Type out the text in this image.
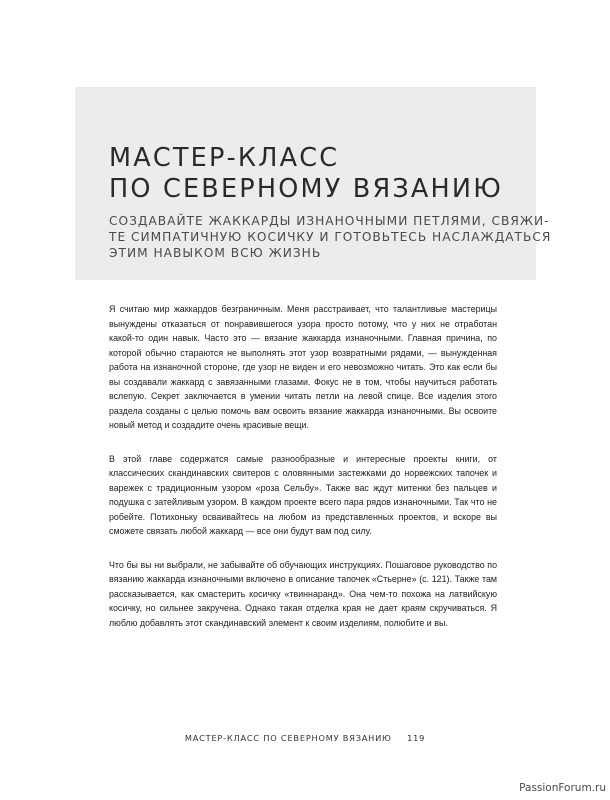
МАСТЕР-КЛАСС
ПО СЕВЕРНОМУ ВЯЗАНИЮ
СОЗДАВАЙТЕ ЖАККАРДЫ ИЗНАНОЧНЫМИ ПЕТЛЯМИ, СВЯЖИ-
ТЕ СИМПАТИЧНУЮ КОСИЧКУ И ГОТОВЬТЕСЬ НАСЛАЖДАТЬСЯ
ЭТИМ НАВЫКОМ ВСЮ ЖИЗНЬ

Я считаю мир жаккардов безграничным. Меня расстраивает, что талантливые мастерицы вынуждены отказаться от понравившегося узора просто потому, что у них не отработан какой-то один навык. Часто это — вязание жаккарда изнаночными. Главная причина, по которой обычно стараются не выполнять этот узор возвратными рядами, — вынужденная работа на изнаночной стороне, где узор не виден и его невозможно читать. Это как если бы вы создавали жаккард с завязанными глазами. Фокус не в том, чтобы научиться работать вслепую. Секрет заключается в умении читать петли на левой спице. Все изделия этого раздела созданы с целью помочь вам освоить вязание жаккарда изнаночными. Вы освоите новый метод и создадите очень красивые вещи.

В этой главе содержатся самые разнообразные и интересные проекты книги, от классических скандинавских свитеров с оловянными застежками до норвежских тапочек и варежек с традиционным узором «роза Сельбу». Также вас ждут митенки без пальцев и подушка с затейливым узором. В каждом проекте всего пара рядов изнаночными. Так что не робейте. Потихоньку осваивайтесь на любом из представленных проектов, и вскоре вы сможете связать любой жаккард — все они будут вам под силу.

Что бы вы ни выбрали, не забывайте об обучающих инструкциях. Пошаговое руководство по вязанию жаккарда изнаночными включено в описание тапочек «Стьерне» (с. 121). Также там рассказывается, как смастерить косичку «твиннаранд». Она чем-то похожа на латвийскую косичку, но сильнее закручена. Однако такая отделка края не дает краям скручиваться. Я люблю добавлять этот скандинавский элемент к своим изделиям, полюбите и вы.

МАСТЕР-КЛАСС ПО СЕВЕРНОМУ ВЯЗАНИЮ 119
PassionForum.ru
